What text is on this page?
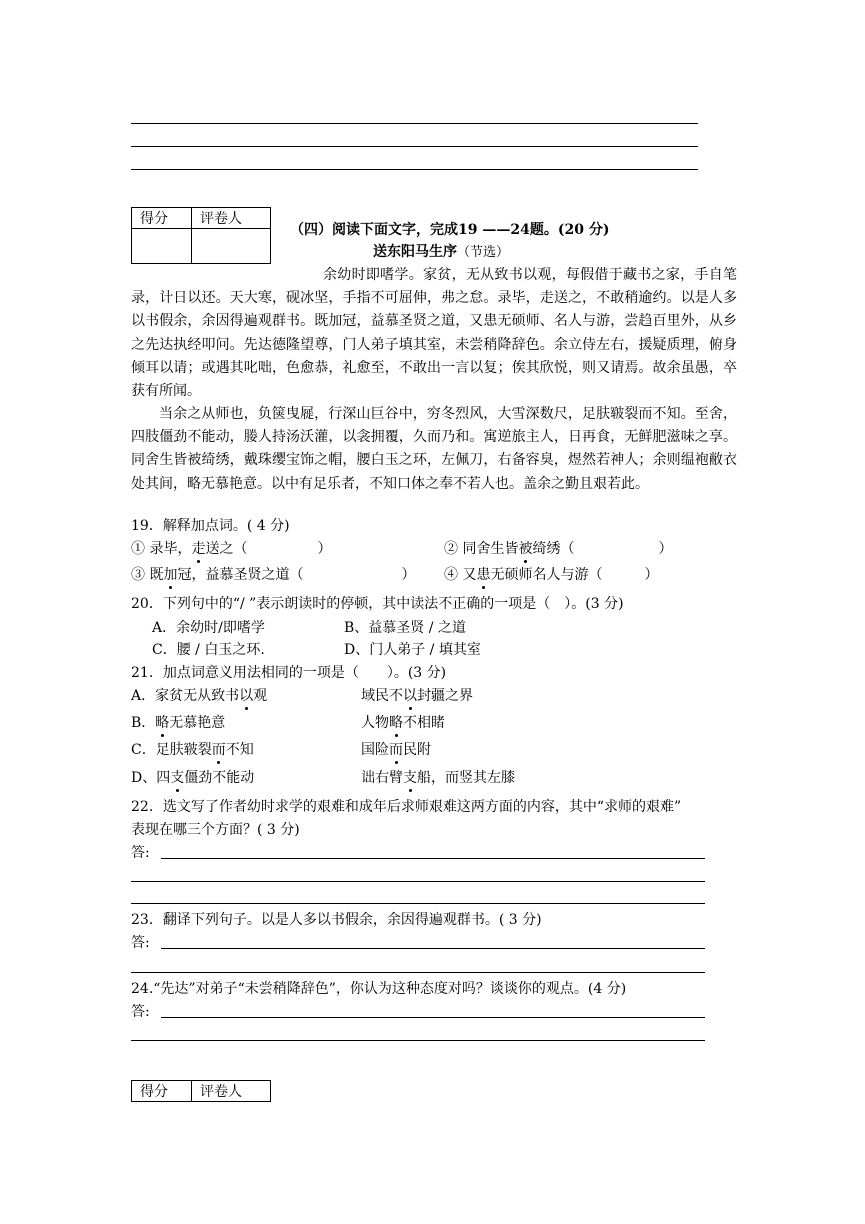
得分	评卷人

（四）阅读下面文字，完成19 ——24题。(20 分)
送东阳马生序（节选）

余幼时即嗜学。家贫，无从致书以观，每假借于藏书之家，手自笔录，计日以还。天大寒，砚冰坚，手指不可屈伸，弗之怠。录毕，走送之，不敢稍逾约。以是人多以书假余，余因得遍观群书。既加冠，益慕圣贤之道，又患无硕师、名人与游，尝趋百里外，从乡之先达执经叩问。先达德隆望尊，门人弟子填其室，未尝稍降辞色。余立侍左右，援疑质理，俯身倾耳以请；或遇其叱咄，色愈恭，礼愈至，不敢出一言以复；俟其欣悦，则又请焉。故余虽愚，卒获有所闻。

当余之从师也，负箧曳屣，行深山巨谷中，穷冬烈风，大雪深数尺，足肤皲裂而不知。至舍，四肢僵劲不能动，媵人持汤沃灌，以衾拥覆，久而乃和。寓逆旅主人，日再食，无鲜肥滋味之享。同舍生皆被绮绣，戴珠缨宝饰之帽，腰白玉之环，左佩刀，右备容臭，煜然若神人；余则缊袍敝衣处其间，略无慕艳意。以中有足乐者，不知口体之奉不若人也。盖余之勤且艰若此。

19．解释加点词。( 4 分)
① 录毕，走送之（　　　　　）	② 同舍生皆被绮绣（　　　　　　）
③ 既加冠，益慕圣贤之道（　　　　　　　） ④ 又患无硕师名人与游（　　　）
20．下列句中的“/ ”表示朗读时的停顿，其中读法不正确的一项是（　）。(3 分)
A．余幼时/即嗜学	B、益慕圣贤 / 之道
C．腰 / 白玉之环.	D、门人弟子 / 填其室
21．加点词意义用法相同的一项是（　　）。(3 分)
A．家贫无从致书以观	域民不以封疆之界
B．略无慕艳意	人物略不相睹
C．足肤皲裂而不知	国险而民附
D、四支僵劲不能动	诎右臂支船，而竖其左膝
22．选文写了作者幼时求学的艰难和成年后求师艰难这两方面的内容，其中“求师的艰难”
表现在哪三个方面？( 3 分)
答:
23．翻译下列句子。以是人多以书假余，余因得遍观群书。( 3 分)
答:
24.“先达”对弟子“未尝稍降辞色”，你认为这种态度对吗？谈谈你的观点。(4 分)
答:
得分	评卷人
